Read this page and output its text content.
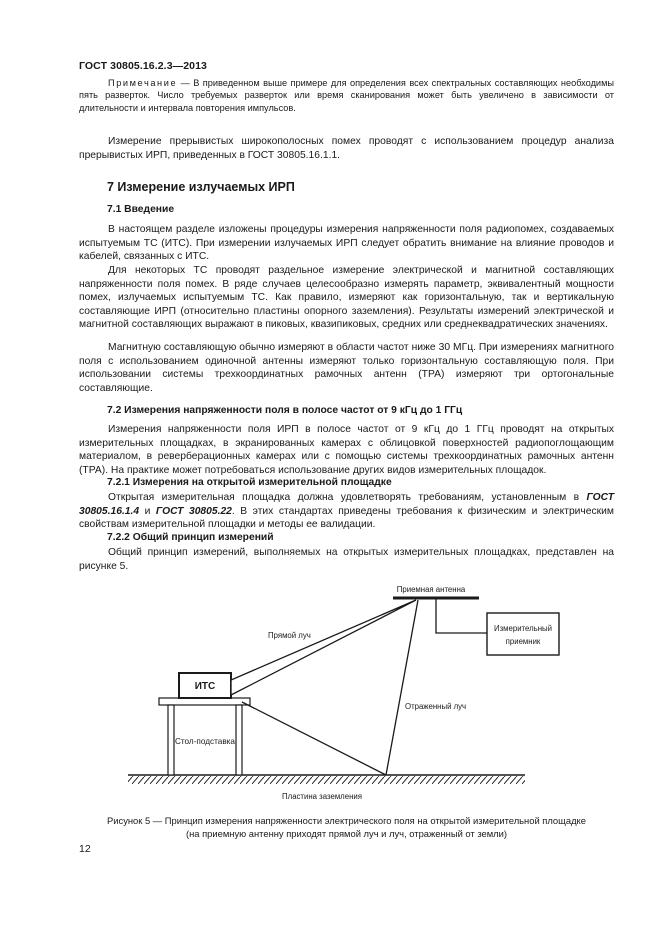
ГОСТ 30805.16.2.3—2013

Примечание — В приведенном выше примере для определения всех спектральных составляющих необходимы пять разверток. Число требуемых разверток или время сканирования может быть увеличено в зависимости от длительности и интервала повторения импульсов.

Измерение прерывистых широкополосных помех проводят с использованием процедур анализа прерывистых ИРП, приведенных в ГОСТ 30805.16.1.1.

7 Измерение излучаемых ИРП
7.1 Введение

В настоящем разделе изложены процедуры измерения напряженности поля радиопомех, создаваемых испытуемым ТС (ИТС). При измерении излучаемых ИРП следует обратить внимание на влияние проводов и кабелей, связанных с ИТС.

Для некоторых ТС проводят раздельное измерение электрической и магнитной составляющих напряженности поля помех. В ряде случаев целесообразно измерять параметр, эквивалентный мощности помех, излучаемых испытуемым ТС. Как правило, измеряют как горизонтальную, так и вертикальную составляющие ИРП (относительно пластины опорного заземления). Результаты измерений электрической и магнитной составляющих выражают в пиковых, квазипиковых, средних или среднеквадратических значениях.

Магнитную составляющую обычно измеряют в области частот ниже 30 МГц. При измерениях магнитного поля с использованием одиночной антенны измеряют только горизонтальную составляющую поля. При использовании системы трехкоординатных рамочных антенн (ТРА) измеряют три ортогональные составляющие.

7.2 Измерения напряженности поля в полосе частот от 9 кГц до 1 ГГц

Измерения напряженности поля ИРП в полосе частот от 9 кГц до 1 ГГц проводят на открытых измерительных площадках, в экранированных камерах с облицовкой поверхностей радиопоглощающим материалом, в реверберационных камерах или с помощью системы трехкоординатных рамочных антенн (ТРА). На практике может потребоваться использование других видов измерительных площадок.

7.2.1 Измерения на открытой измерительной площадке

Открытая измерительная площадка должна удовлетворять требованиям, установленным в ГОСТ 30805.16.1.4 и ГОСТ 30805.22. В этих стандартах приведены требования к физическим и электрическим свойствам измерительной площадки и методы ее валидации.

7.2.2 Общий принцип измерений

Общий принцип измерений, выполняемых на открытых измерительных площадках, представлен на рисунке 5.

Приемная антенна
Измерительный
приемник
Прямой луч
Отраженный луч
ИТС
Стол-подставка
Пластина заземления

Рисунок 5 — Принцип измерения напряженности электрического поля на открытой измерительной площадке

(на приемную антенну приходят прямой луч и луч, отраженный от земли)

12
